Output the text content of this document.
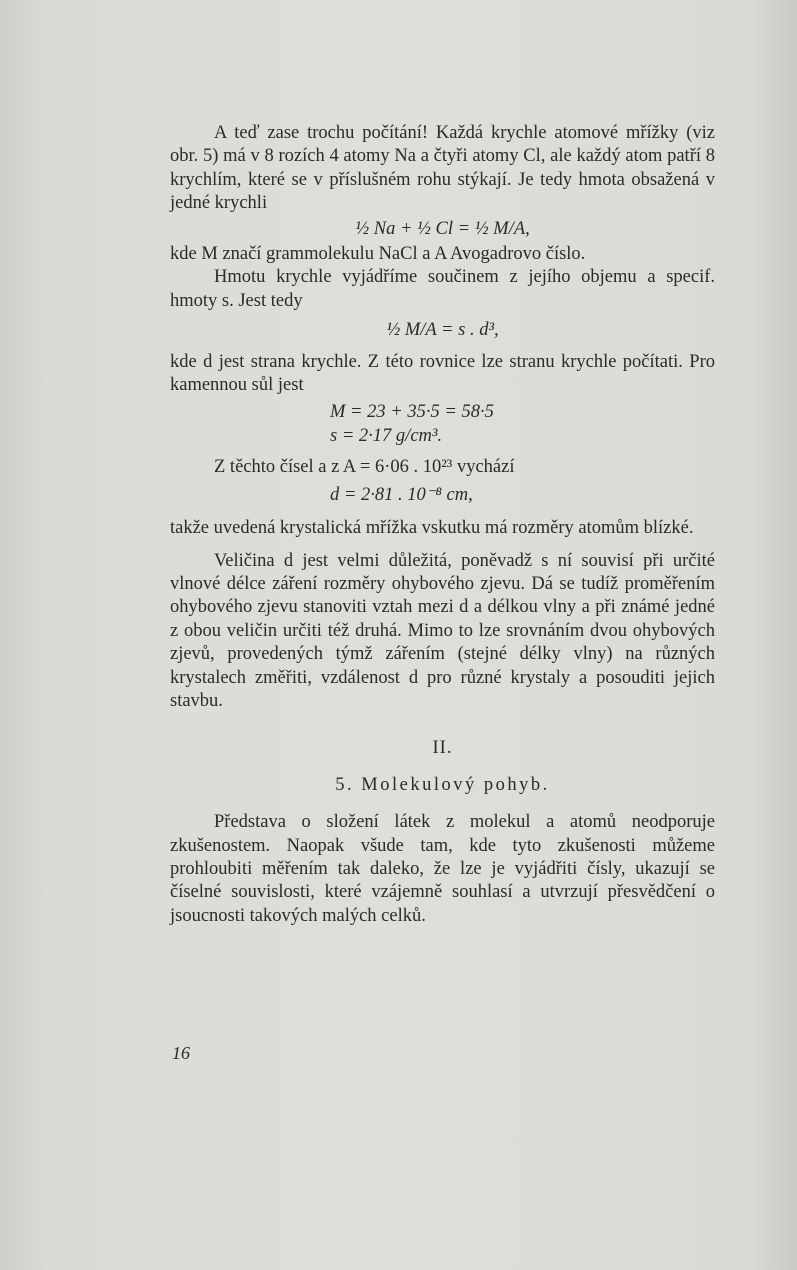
A teď zase trochu počítání! Každá krychle atomové mřížky (viz obr. 5) má v 8 rozích 4 atomy Na a čtyři atomy Cl, ale každý atom patří 8 krychlím, které se v příslušném rohu stýkají. Je tedy hmota obsažená v jedné krychli

½ Na + ½ Cl = ½ M/A,

kde M značí grammolekulu NaCl a A Avogadrovo číslo.

Hmotu krychle vyjádříme součinem z jejího objemu a specif. hmoty s. Jest tedy

½ M/A = s . d³,

kde d jest strana krychle. Z této rovnice lze stranu krychle počítati. Pro kamennou sůl jest

M = 23 + 35·5 = 58·5

s = 2·17 g/cm³.

Z těchto čísel a z A = 6·06 . 10²³ vychází

d = 2·81 . 10⁻⁸ cm,

takže uvedená krystalická mřížka vskutku má rozměry atomům blízké.

Veličina d jest velmi důležitá, poněvadž s ní souvisí při určité vlnové délce záření rozměry ohybového zjevu. Dá se tudíž proměřením ohybového zjevu stanoviti vztah mezi d a délkou vlny a při známé jedné z obou veličin určiti též druhá. Mimo to lze srovnáním dvou ohybových zjevů, provedených týmž zářením (stejné délky vlny) na různých krystalech změřiti, vzdálenost d pro různé krystaly a posouditi jejich stavbu.

II.
5. Molekulový pohyb.

Představa o složení látek z molekul a atomů neodporuje zkušenostem. Naopak všude tam, kde tyto zkušenosti můžeme prohloubiti měřením tak daleko, že lze je vyjádřiti čísly, ukazují se číselné souvislosti, které vzájemně souhlasí a utvrzují přesvědčení o jsoucnosti takových malých celků.

16
